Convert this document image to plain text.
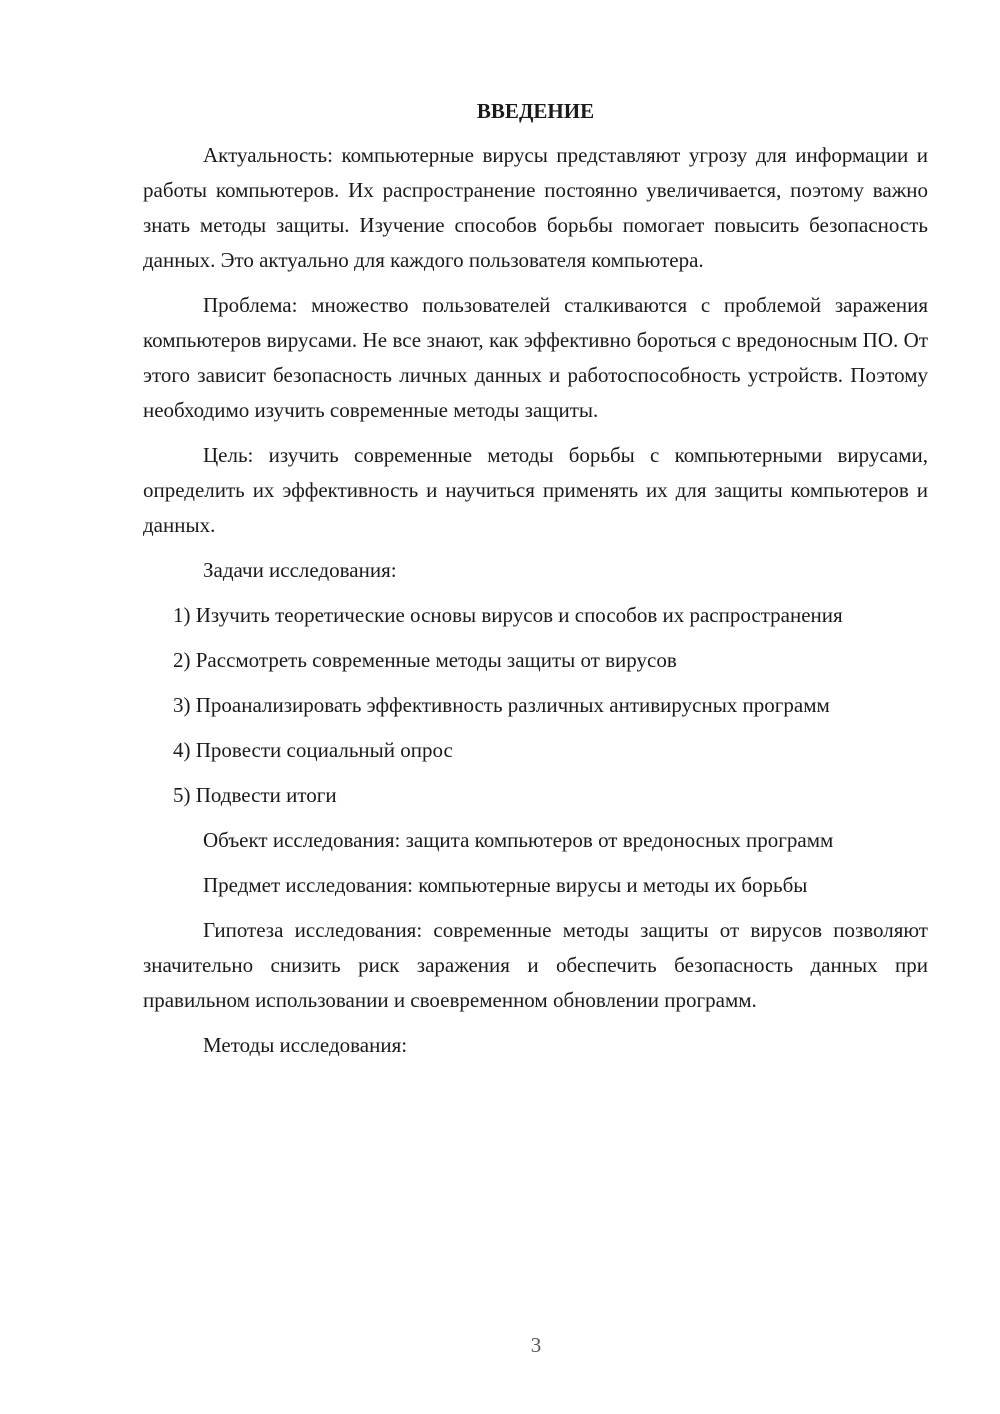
ВВЕДЕНИЕ

Актуальность: компьютерные вирусы представляют угрозу для информации и работы компьютеров. Их распространение постоянно увеличивается, поэтому важно знать методы защиты. Изучение способов борьбы помогает повысить безопасность данных. Это актуально для каждого пользователя компьютера.

Проблема: множество пользователей сталкиваются с проблемой заражения компьютеров вирусами. Не все знают, как эффективно бороться с вредоносным ПО. От этого зависит безопасность личных данных и работоспособность устройств. Поэтому необходимо изучить современные методы защиты.

Цель: изучить современные методы борьбы с компьютерными вирусами, определить их эффективность и научиться применять их для защиты компьютеров и данных.

Задачи исследования:

1) Изучить теоретические основы вирусов и способов их распространения

2) Рассмотреть современные методы защиты от вирусов

3) Проанализировать эффективность различных антивирусных программ

4) Провести социальный опрос

5) Подвести итоги

Объект исследования: защита компьютеров от вредоносных программ

Предмет исследования: компьютерные вирусы и методы их борьбы

Гипотеза исследования: современные методы защиты от вирусов позволяют значительно снизить риск заражения и обеспечить безопасность данных при правильном использовании и своевременном обновлении программ.

Методы исследования:

3
